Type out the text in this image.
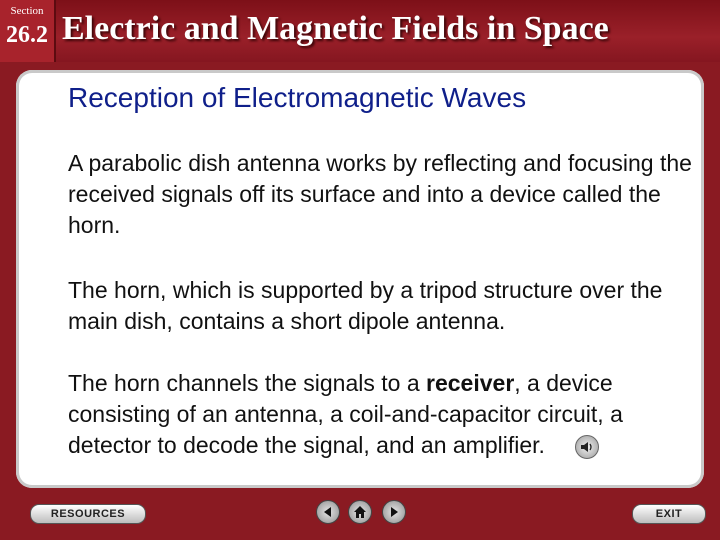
Section
26.2 Electric and Magnetic Fields in Space
Reception of Electromagnetic Waves

A parabolic dish antenna works by reflecting and focusing the received signals off its surface and into a device called the horn.

The horn, which is supported by a tripod structure over the main dish, contains a short dipole antenna.

The horn channels the signals to a receiver, a device consisting of an antenna, a coil-and-capacitor circuit, a detector to decode the signal, and an amplifier.

RESOURCES	EXIT
